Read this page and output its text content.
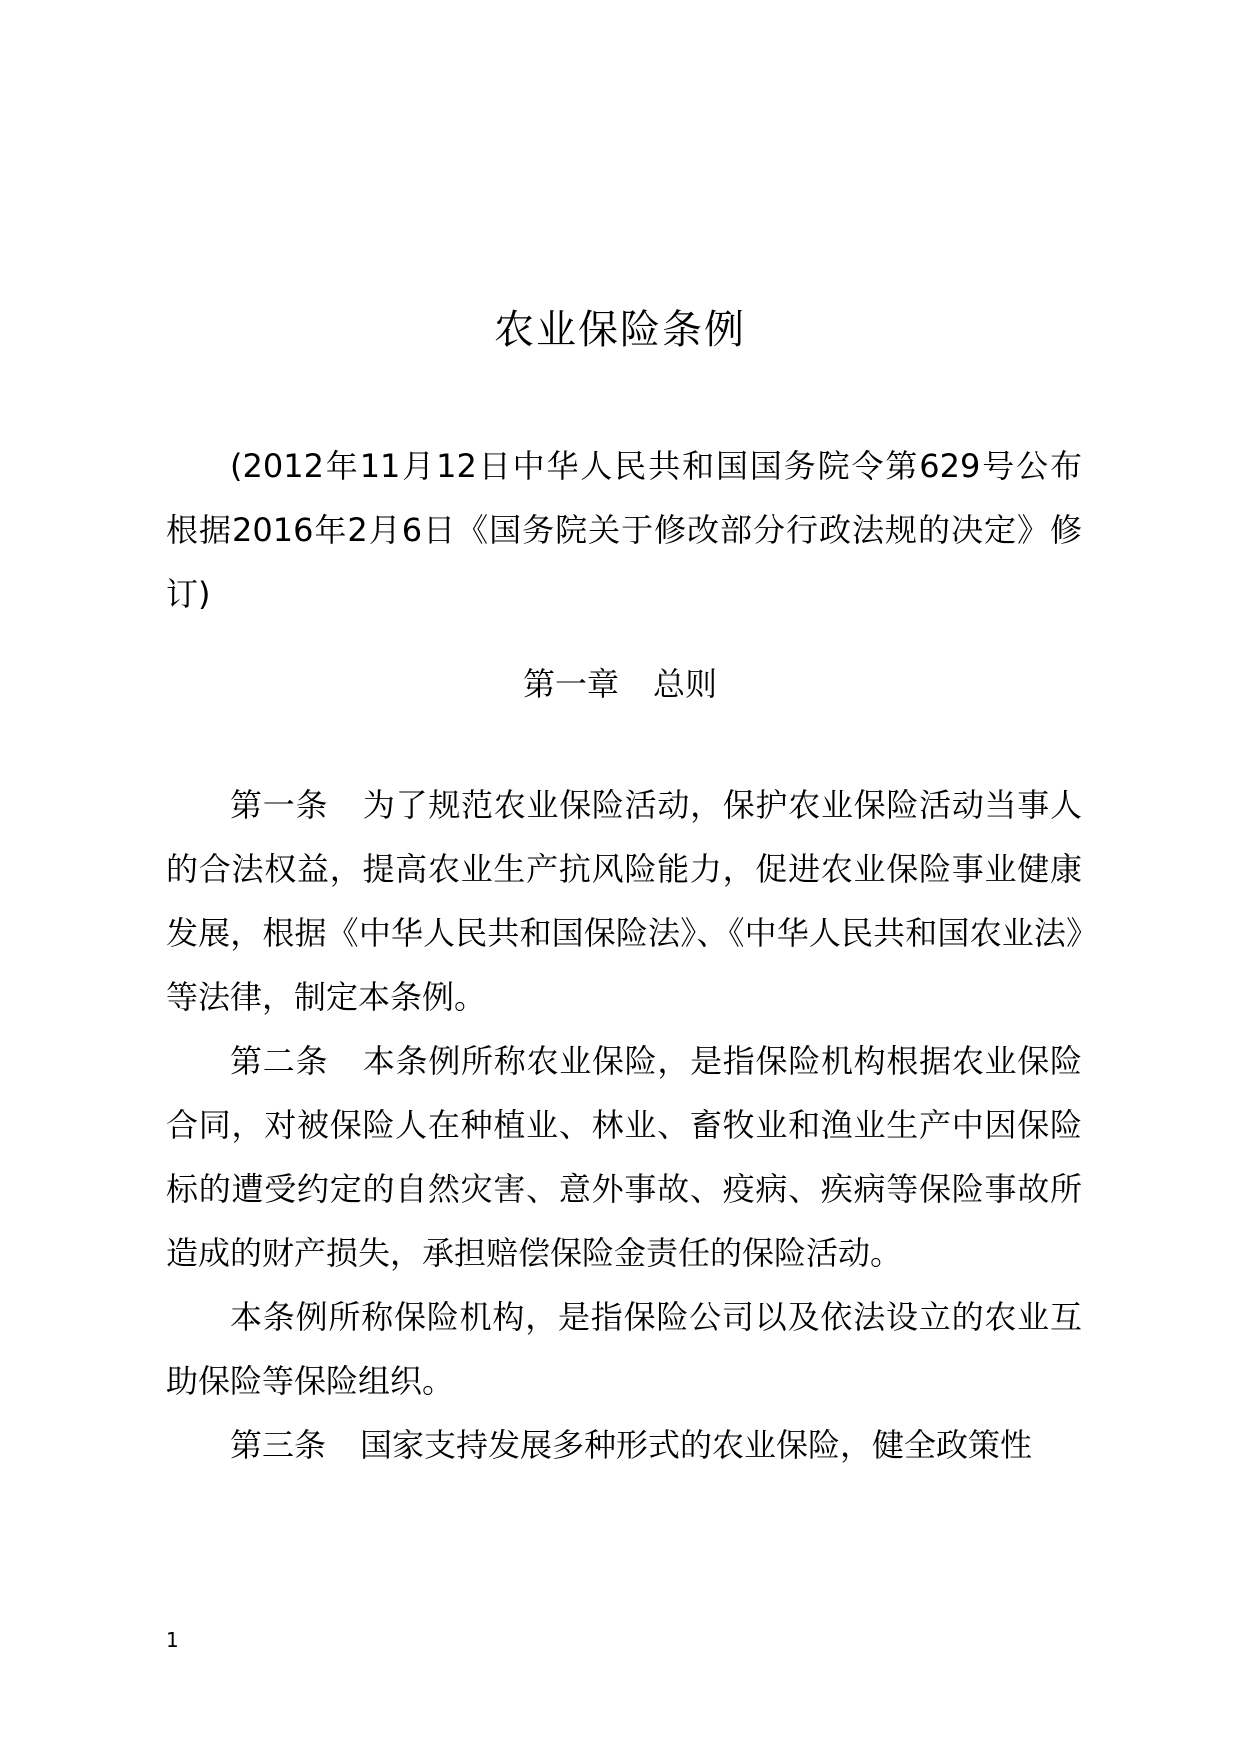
农业保险条例

(2012年11月12日中华人民共和国国务院令第629号公布　根据2016年2月6日《国务院关于修改部分行政法规的决定》修订)

第一章 总则

第一条 为了规范农业保险活动，保护农业保险活动当事人的合法权益，提高农业生产抗风险能力，促进农业保险事业健康发展，根据《中华人民共和国保险法》、《中华人民共和国农业法》等法律，制定本条例。

第二条 本条例所称农业保险，是指保险机构根据农业保险合同，对被保险人在种植业、林业、畜牧业和渔业生产中因保险标的遭受约定的自然灾害、意外事故、疫病、疾病等保险事故所造成的财产损失，承担赔偿保险金责任的保险活动。

本条例所称保险机构，是指保险公司以及依法设立的农业互助保险等保险组织。

第三条 国家支持发展多种形式的农业保险，健全政策性

1
